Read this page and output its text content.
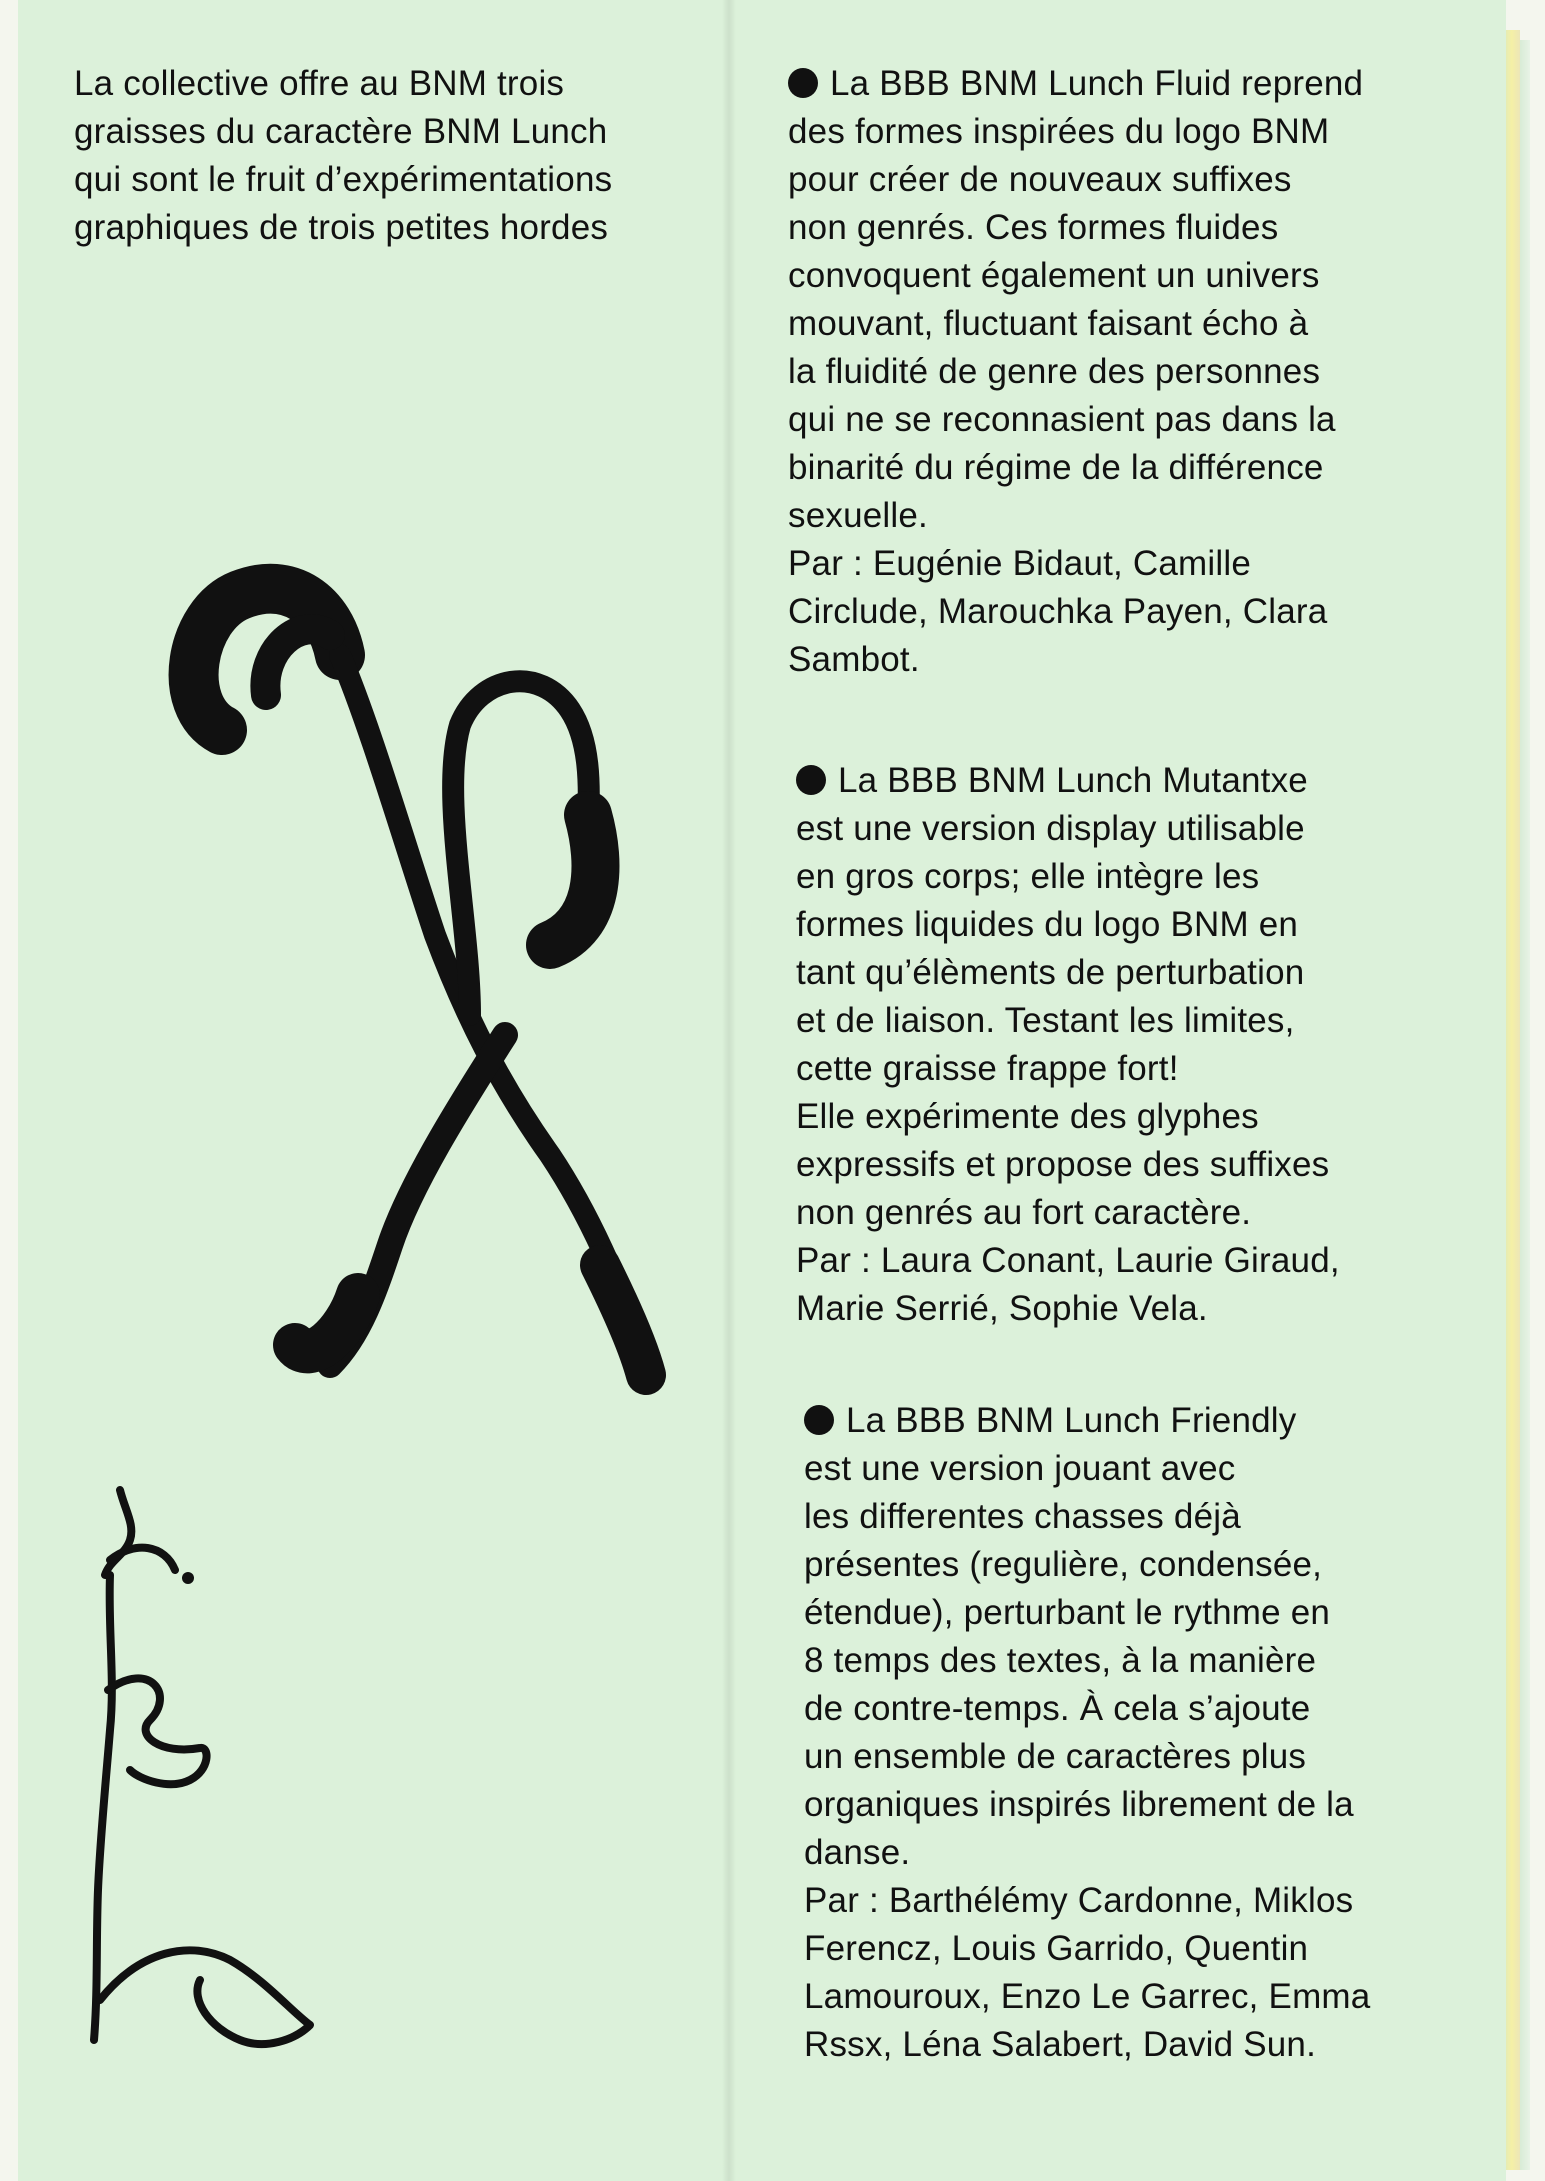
La collective offre au BNM trois
graisses du caractère BNM Lunch
qui sont le fruit d’expérimentations
graphiques de trois petites hordes
La BBB BNM Lunch Fluid reprend
des formes inspirées du logo BNM
pour créer de nouveaux suffixes
non genrés. Ces formes fluides
convoquent également un univers
mouvant, fluctuant faisant écho à
la fluidité de genre des personnes
qui ne se reconnasient pas dans la
binarité du régime de la différence
sexuelle.
Par : Eugénie Bidaut, Camille
Circlude, Marouchka Payen, Clara
Sambot.
La BBB BNM Lunch Mutantxe
est une version display utilisable
en gros corps; elle intègre les
formes liquides du logo BNM en
tant qu’élèments de perturbation
et de liaison. Testant les limites,
cette graisse frappe fort!
Elle expérimente des glyphes
expressifs et propose des suffixes
non genrés au fort caractère.
Par : Laura Conant, Laurie Giraud,
Marie Serrié, Sophie Vela.
La BBB BNM Lunch Friendly
est une version jouant avec
les differentes chasses déjà
présentes (regulière, condensée,
étendue), perturbant le rythme en
8 temps des textes, à la manière
de contre-temps. À cela s’ajoute
un ensemble de caractères plus
organiques inspirés librement de la
danse.
Par : Barthélémy Cardonne, Miklos
Ferencz, Louis Garrido, Quentin
Lamouroux, Enzo Le Garrec, Emma
Rssx, Léna Salabert, David Sun.
